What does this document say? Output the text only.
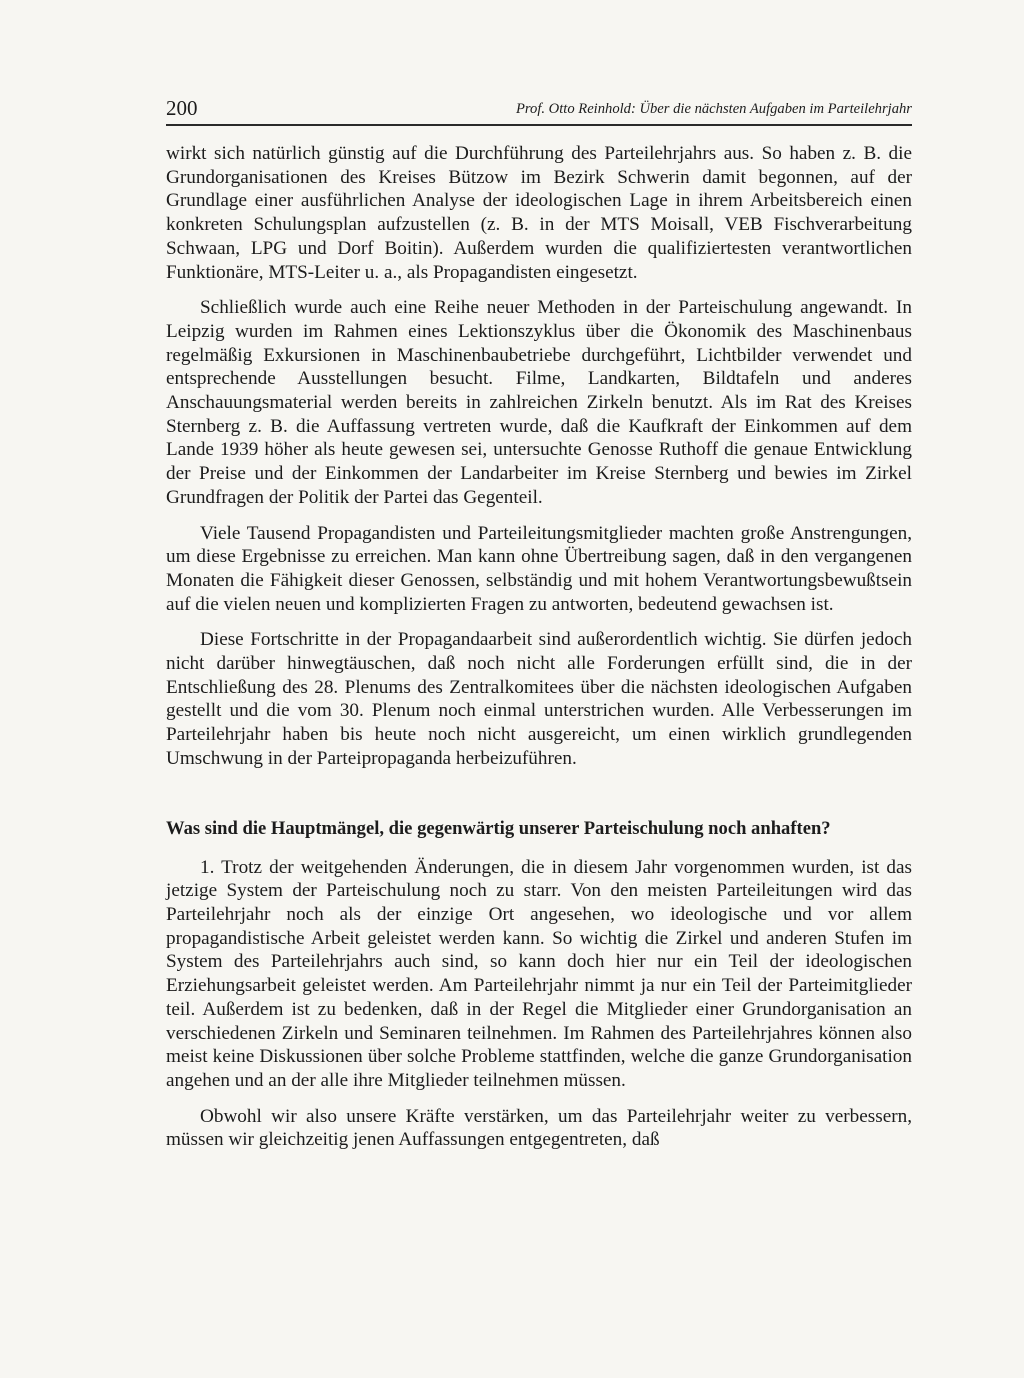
200	Prof. Otto Reinhold: Über die nächsten Aufgaben im Parteilehrjahr

wirkt sich natürlich günstig auf die Durchführung des Parteilehrjahrs aus. So haben z. B. die Grundorganisationen des Kreises Bützow im Bezirk Schwerin damit begonnen, auf der Grundlage einer ausführlichen Analyse der ideologischen Lage in ihrem Arbeitsbereich einen konkreten Schulungsplan aufzustellen (z. B. in der MTS Moisall, VEB Fischverarbeitung Schwaan, LPG und Dorf Boitin). Außerdem wurden die qualifiziertesten verantwortlichen Funktionäre, MTS-Leiter u. a., als Propagandisten eingesetzt.

Schließlich wurde auch eine Reihe neuer Methoden in der Parteischulung angewandt. In Leipzig wurden im Rahmen eines Lektionszyklus über die Ökonomik des Maschinenbaus regelmäßig Exkursionen in Maschinenbaubetriebe durchgeführt, Lichtbilder verwendet und entsprechende Ausstellungen besucht. Filme, Landkarten, Bildtafeln und anderes Anschauungsmaterial werden bereits in zahlreichen Zirkeln benutzt. Als im Rat des Kreises Sternberg z. B. die Auffassung vertreten wurde, daß die Kaufkraft der Einkommen auf dem Lande 1939 höher als heute gewesen sei, untersuchte Genosse Ruthoff die genaue Entwicklung der Preise und der Einkommen der Landarbeiter im Kreise Sternberg und bewies im Zirkel Grundfragen der Politik der Partei das Gegenteil.

Viele Tausend Propagandisten und Parteileitungsmitglieder machten große Anstrengungen, um diese Ergebnisse zu erreichen. Man kann ohne Übertreibung sagen, daß in den vergangenen Monaten die Fähigkeit dieser Genossen, selbständig und mit hohem Verantwortungsbewußtsein auf die vielen neuen und komplizierten Fragen zu antworten, bedeutend gewachsen ist.

Diese Fortschritte in der Propagandaarbeit sind außerordentlich wichtig. Sie dürfen jedoch nicht darüber hinwegtäuschen, daß noch nicht alle Forderungen erfüllt sind, die in der Entschließung des 28. Plenums des Zentralkomitees über die nächsten ideologischen Aufgaben gestellt und die vom 30. Plenum noch einmal unterstrichen wurden. Alle Verbesserungen im Parteilehrjahr haben bis heute noch nicht ausgereicht, um einen wirklich grundlegenden Umschwung in der Parteipropaganda herbeizuführen.

Was sind die Hauptmängel, die gegenwärtig unserer Parteischulung noch anhaften?

1. Trotz der weitgehenden Änderungen, die in diesem Jahr vorgenommen wurden, ist das jetzige System der Parteischulung noch zu starr. Von den meisten Parteileitungen wird das Parteilehrjahr noch als der einzige Ort angesehen, wo ideologische und vor allem propagandistische Arbeit geleistet werden kann. So wichtig die Zirkel und anderen Stufen im System des Parteilehrjahrs auch sind, so kann doch hier nur ein Teil der ideologischen Erziehungsarbeit geleistet werden. Am Parteilehrjahr nimmt ja nur ein Teil der Parteimitglieder teil. Außerdem ist zu bedenken, daß in der Regel die Mitglieder einer Grundorganisation an verschiedenen Zirkeln und Seminaren teilnehmen. Im Rahmen des Parteilehrjahres können also meist keine Diskussionen über solche Probleme stattfinden, welche die ganze Grundorganisation angehen und an der alle ihre Mitglieder teilnehmen müssen.

Obwohl wir also unsere Kräfte verstärken, um das Parteilehrjahr weiter zu verbessern, müssen wir gleichzeitig jenen Auffassungen entgegentreten, daß
